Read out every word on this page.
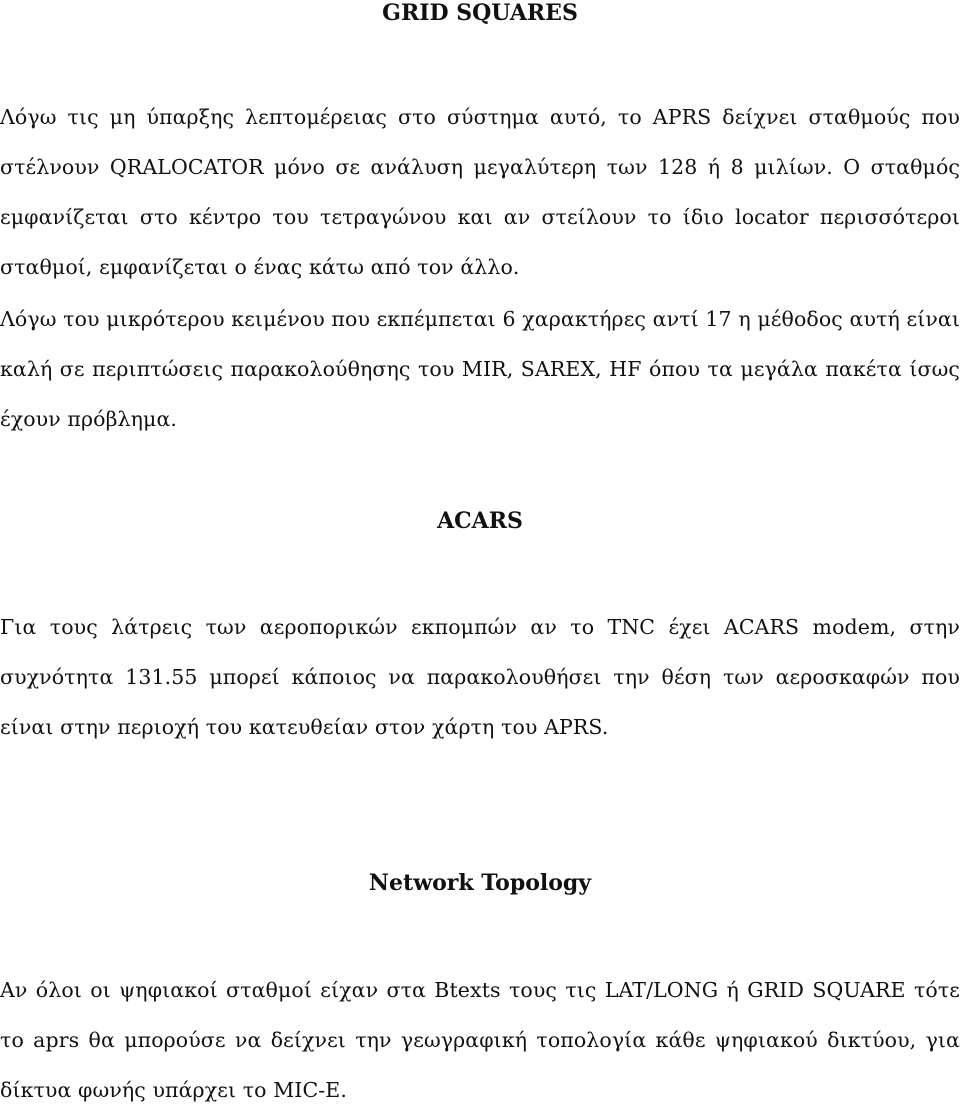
GRID SQUARES

Λόγω τις μη ύπαρξης λεπτομέρειας στο σύστημα αυτό, το APRS δείχνει σταθμούς που στέλνουν QRALOCATOR μόνο σε ανάλυση μεγαλύτερη των 128 ή 8 μιλίων. Ο σταθμός εμφανίζεται στο κέντρο του τετραγώνου και αν στείλουν το ίδιο locator περισσότεροι σταθμοί, εμφανίζεται ο ένας κάτω από τον άλλο.

Λόγω του μικρότερου κειμένου που εκπέμπεται 6 χαρακτήρες αντί 17 η μέθοδος αυτή είναι καλή σε περιπτώσεις παρακολούθησης του MIR, SAREX, HF όπου τα μεγάλα πακέτα ίσως έχουν πρόβλημα.

ACARS

Για τους λάτρεις των αεροπορικών εκπομπών αν το TNC έχει ACARS modem, στην συχνότητα 131.55 μπορεί κάποιος να παρακολουθήσει την θέση των αεροσκαφών που είναι στην περιοχή του κατευθείαν στον χάρτη του APRS.

Network Topology

Αν όλοι οι ψηφιακοί σταθμοί είχαν στα Btexts τους τις LAT/LONG ή GRID SQUARE τότε το aprs θα μπορούσε να δείχνει την γεωγραφική τοπολογία κάθε ψηφιακού δικτύου, για δίκτυα φωνής υπάρχει το MIC-E.
